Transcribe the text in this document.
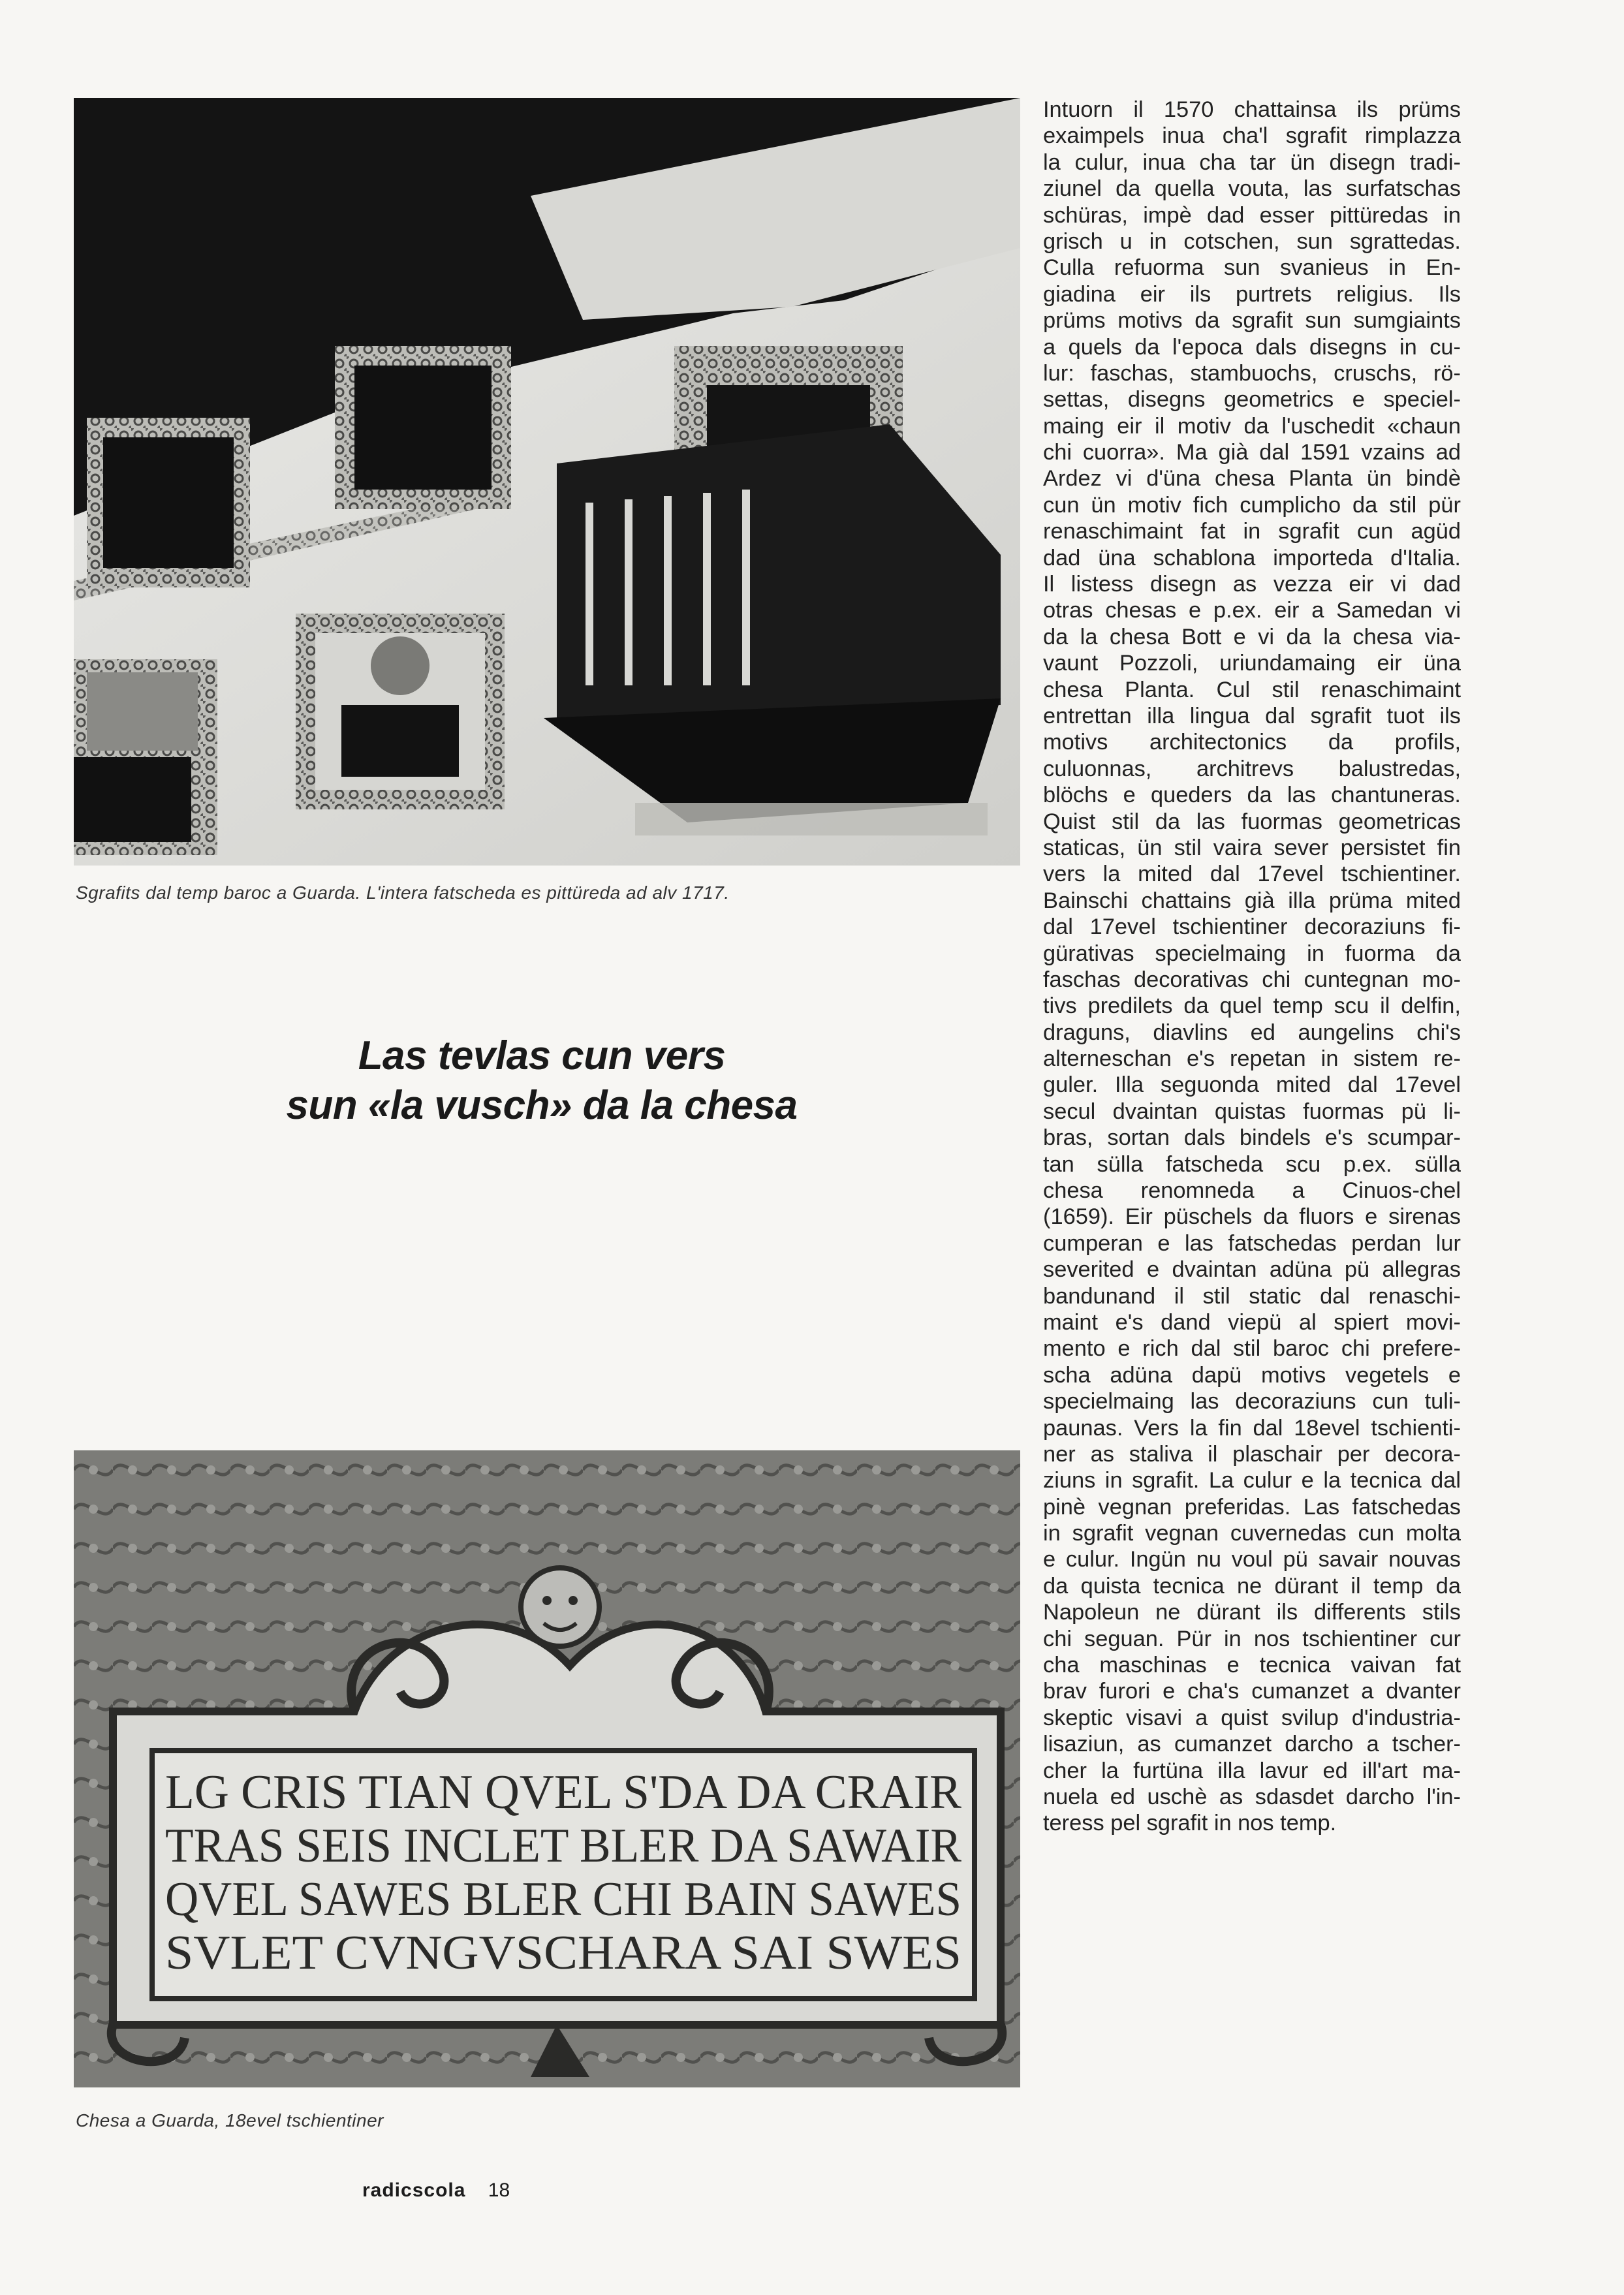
Sgrafits dal temp baroc a Guarda. L'intera fatscheda es pittüreda ad alv 1717.
Las tevlas cun vers
sun «la vusch» da la chesa
LG CRIS TIAN QVEL S'DA DA CRAIR
TRAS SEIS INCLET BLER DA SAWAIR
QVEL SAWES BLER CHI BAIN SAWES
SVLET CVNGVSCHARA SAI SWES
Chesa a Guarda, 18evel tschientiner
Intuorn il 1570 chattainsa ils prüms
exaimpels inua cha'l sgrafit rimplazza
la culur, inua cha tar ün disegn tradi-
ziunel da quella vouta, las surfatschas
schüras, impè dad esser pittüredas in
grisch u in cotschen, sun sgrattedas.
Culla refuorma sun svanieus in En-
giadina eir ils purtrets religius. Ils
prüms motivs da sgrafit sun sumgiaints
a quels da l'epoca dals disegns in cu-
lur: faschas, stambuochs, cruschs, rö-
settas, disegns geometrics e speciel-
maing eir il motiv da l'uschedit «chaun
chi cuorra». Ma già dal 1591 vzains ad
Ardez vi d'üna chesa Planta ün bindè
cun ün motiv fich cumplicho da stil pür
renaschimaint fat in sgrafit cun agüd
dad üna schablona importeda d'Italia.
Il listess disegn as vezza eir vi dad
otras chesas e p.ex. eir a Samedan vi
da la chesa Bott e vi da la chesa via-
vaunt Pozzoli, uriundamaing eir üna
chesa Planta. Cul stil renaschimaint
entrettan illa lingua dal sgrafit tuot ils
motivs architectonics da profils,
culuonnas, architrevs balustredas,
blöchs e queders da las chantuneras.
Quist stil da las fuormas geometricas
staticas, ün stil vaira sever persistet fin
vers la mited dal 17evel tschientiner.
Bainschi chattains già illa prüma mited
dal 17evel tschientiner decoraziuns fi-
gürativas specielmaing in fuorma da
faschas decorativas chi cuntegnan mo-
tivs predilets da quel temp scu il delfin,
draguns, diavlins ed aungelins chi's
alterneschan e's repetan in sistem re-
guler. Illa seguonda mited dal 17evel
secul dvaintan quistas fuormas pü li-
bras, sortan dals bindels e's scumpar-
tan sülla fatscheda scu p.ex. sülla
chesa renomneda a Cinuos-chel
(1659). Eir püschels da fluors e sirenas
cumperan e las fatschedas perdan lur
severited e dvaintan adüna pü allegras
bandunand il stil static dal renaschi-
maint e's dand viepü al spiert movi-
mento e rich dal stil baroc chi prefere-
scha adüna dapü motivs vegetels e
specielmaing las decoraziuns cun tuli-
paunas. Vers la fin dal 18evel tschienti-
ner as staliva il plaschair per decora-
ziuns in sgrafit. La culur e la tecnica dal
pinè vegnan preferidas. Las fatschedas
in sgrafit vegnan cuvernedas cun molta
e culur. Ingün nu voul pü savair nouvas
da quista tecnica ne dürant il temp da
Napoleun ne dürant ils differents stils
chi seguan. Pür in nos tschientiner cur
cha maschinas e tecnica vaivan fat
brav furori e cha's cumanzet a dvanter
skeptic visavi a quist svilup d'industria-
lisaziun, as cumanzet darcho a tscher-
cher la furtüna illa lavur ed ill'art ma-
nuela ed uschè as sdasdet darcho l'in-
teress pel sgrafit in nos temp.
radicscola 18
